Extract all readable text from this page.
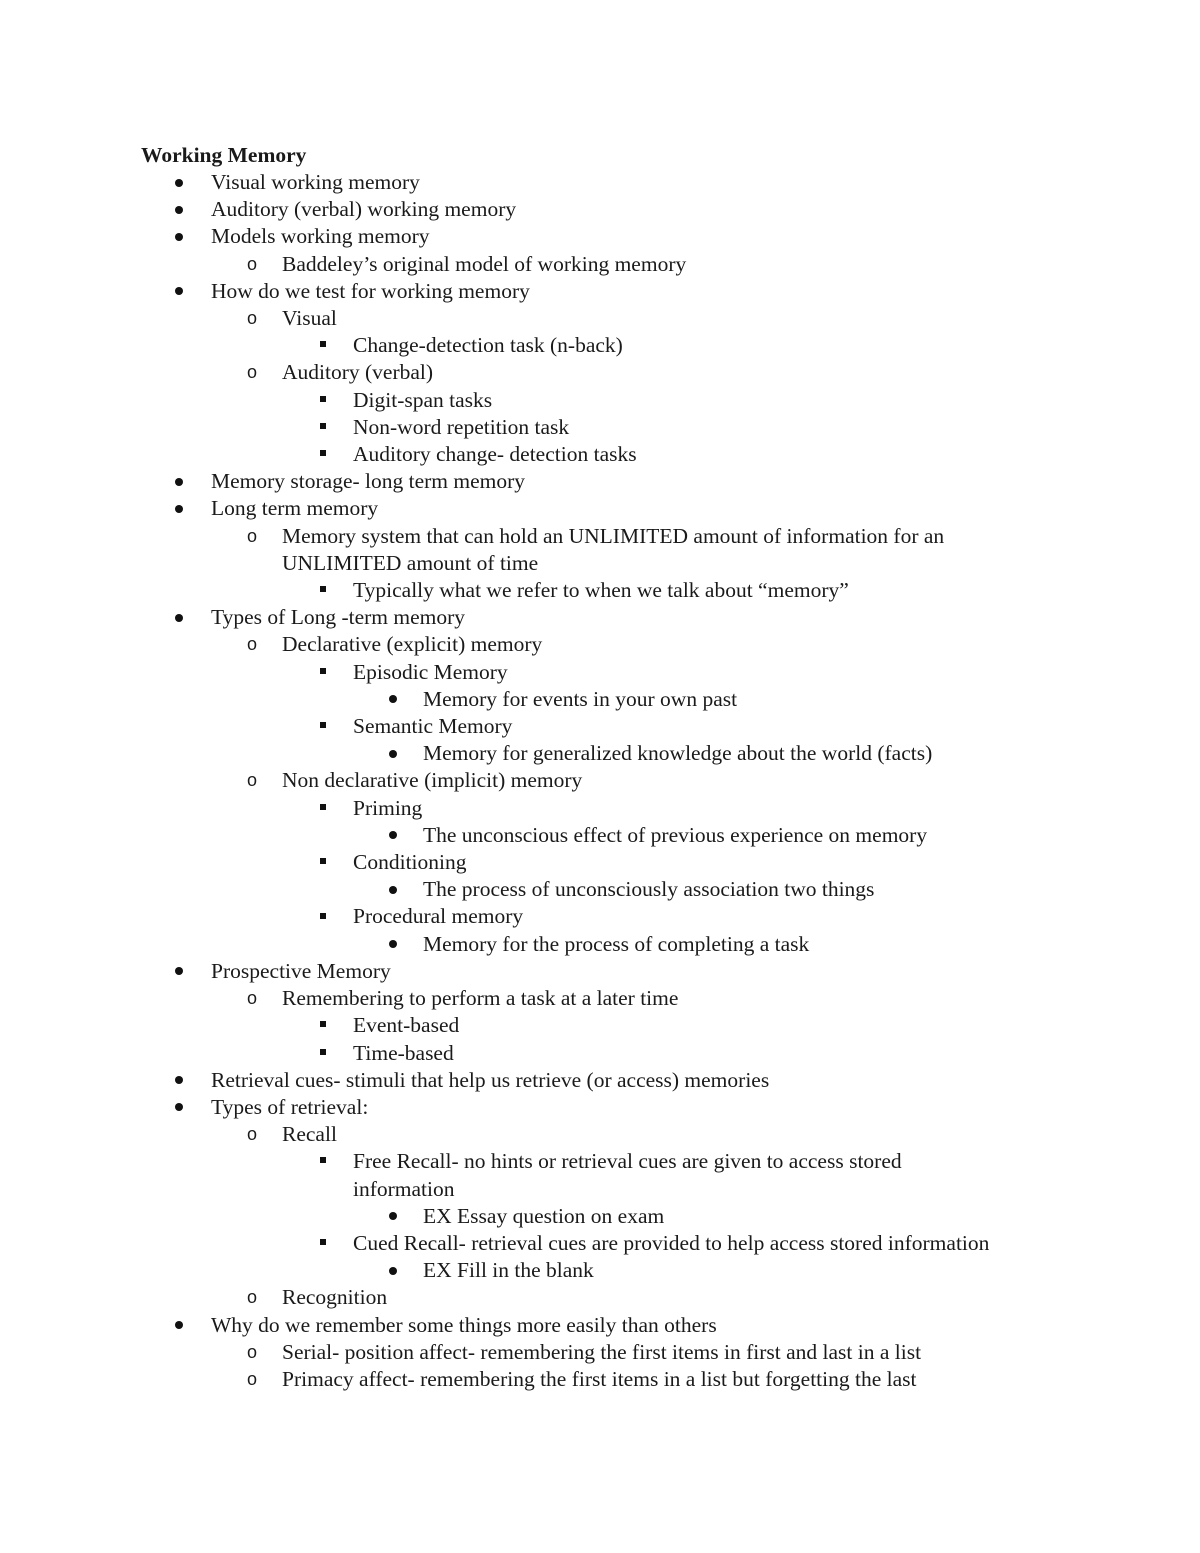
Working Memory
Visual working memory
Auditory (verbal) working memory
Models working memory
o Baddeley’s original model of working memory
How do we test for working memory
o Visual
Change-detection task (n-back)
o Auditory (verbal)
Digit-span tasks
Non-word repetition task
Auditory change- detection tasks
Memory storage- long term memory
Long term memory
o Memory system that can hold an UNLIMITED amount of information for an
UNLIMITED amount of time
Typically what we refer to when we talk about “memory”
Types of Long -term memory
o Declarative (explicit) memory
Episodic Memory
Memory for events in your own past
Semantic Memory
Memory for generalized knowledge about the world (facts)
o Non declarative (implicit) memory
Priming
The unconscious effect of previous experience on memory
Conditioning
The process of unconsciously association two things
Procedural memory
Memory for the process of completing a task
Prospective Memory
o Remembering to perform a task at a later time
Event-based
Time-based
Retrieval cues- stimuli that help us retrieve (or access) memories
Types of retrieval:
o Recall
Free Recall- no hints or retrieval cues are given to access stored
information
EX Essay question on exam
Cued Recall- retrieval cues are provided to help access stored information
EX Fill in the blank
o Recognition
Why do we remember some things more easily than others
o Serial- position affect- remembering the first items in first and last in a list
o Primacy affect- remembering the first items in a list but forgetting the last
